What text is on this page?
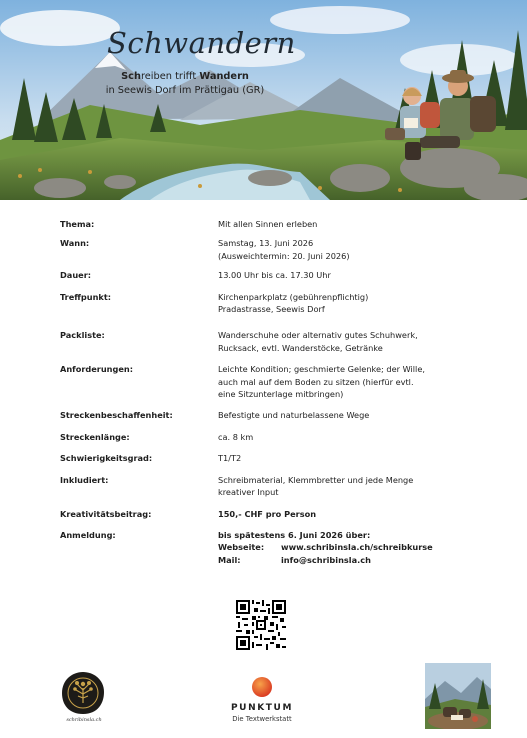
Schwandern
Schreiben trifft Wandern
in Seewis Dorf im Prättigau (GR)
Thema:	Mit allen Sinnen erleben
Wann:	Samstag, 13. Juni 2026
(Ausweichtermin: 20. Juni 2026)
Dauer:	13.00 Uhr bis ca. 17.30 Uhr
Treffpunkt:	Kirchenparkplatz (gebührenpflichtig)
Pradastrasse, Seewis Dorf
Packliste:	Wanderschuhe oder alternativ gutes Schuhwerk,
Rucksack, evtl. Wanderstöcke, Getränke
Anforderungen:	Leichte Kondition; geschmierte Gelenke; der Wille,
auch mal auf dem Boden zu sitzen (hierfür evtl.
eine Sitzunterlage mitbringen)
Streckenbeschaffenheit:	Befestigte und naturbelassene Wege
Streckenlänge:	ca. 8 km
Schwierigkeitsgrad:	T1/T2
Inkludiert:	Schreibmaterial, Klemmbretter und jede Menge
kreativer Input
Kreativitätsbeitrag:	150,- CHF pro Person
Anmeldung:	bis spätestens 6. Juni 2026 über:
Webseite:	www.schribinsla.ch/schreibkurse
Mail:	info@schribinsla.ch
schribinsla.ch
PUNKTUM
Die Textwerkstatt
